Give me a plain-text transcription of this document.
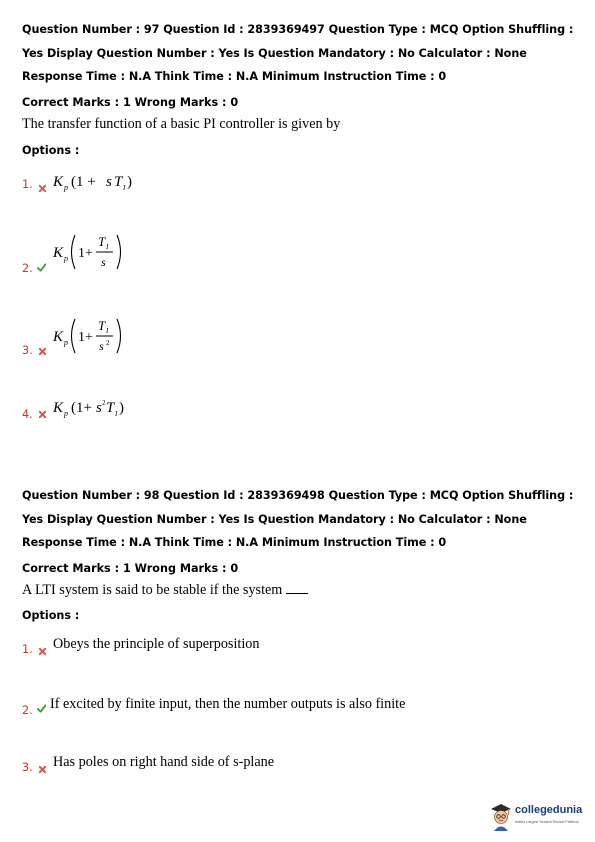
Question Number : 97 Question Id : 2839369497 Question Type : MCQ Option Shuffling : Yes Display Question Number : Yes Is Question Mandatory : No Calculator : None Response Time : N.A Think Time : N.A Minimum Instruction Time : 0
Correct Marks : 1 Wrong Marks : 0
The transfer function of a basic PI controller is given by
Options :
1. K p (1 + s T I )
2.
K p 1+
T I
s
3.
K p 1+
T I
s 2
4. K p (1+ s 2 T I )
Question Number : 98 Question Id : 2839369498 Question Type : MCQ Option Shuffling : Yes Display Question Number : Yes Is Question Mandatory : No Calculator : None Response Time : N.A Think Time : N.A Minimum Instruction Time : 0
Correct Marks : 1 Wrong Marks : 0
A LTI system is said to be stable if the system
Options :
1. Obeys the principle of superposition
2. If excited by finite input, then the number outputs is also finite
3. Has poles on right hand side of s-plane
collegedunia
India's Largest Student Review Platform
